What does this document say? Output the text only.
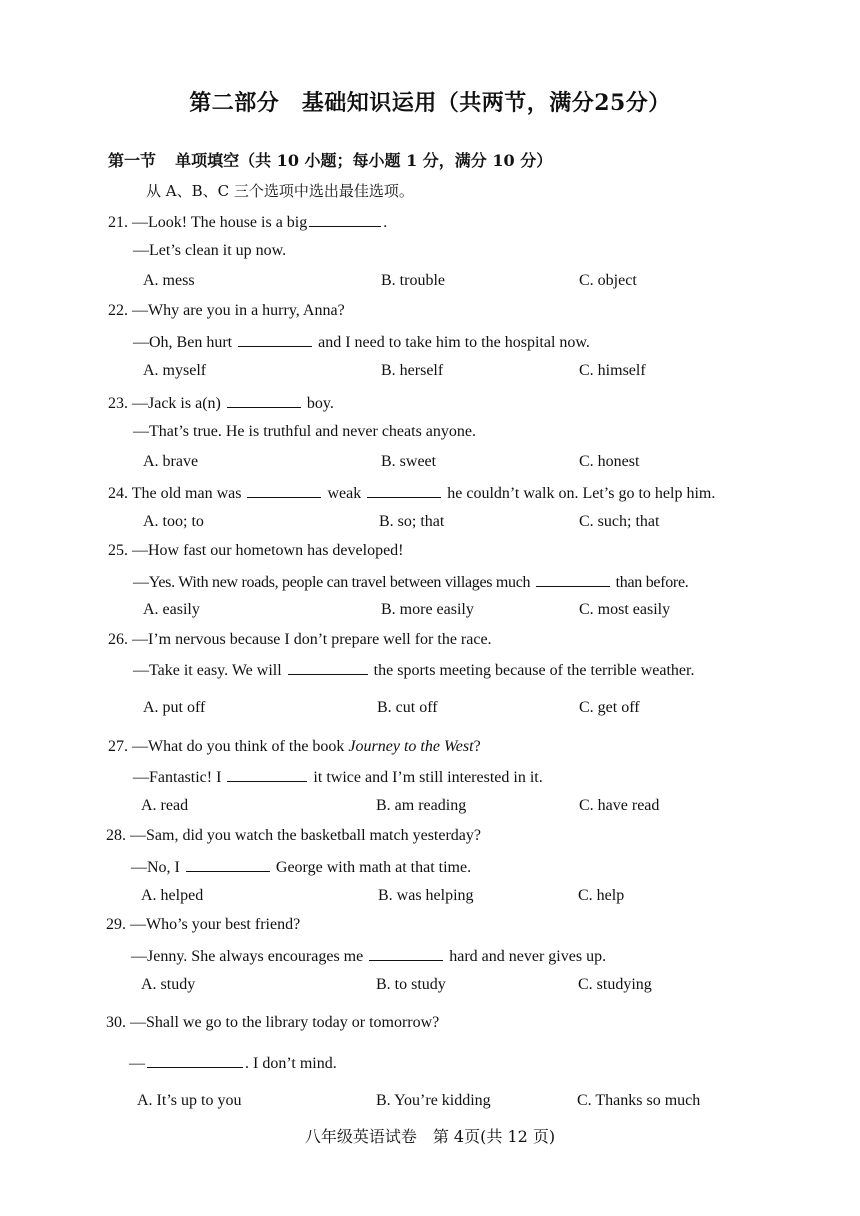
第二部分　基础知识运用（共两节，满分25分）
第一节 单项填空（共 10 小题；每小题 1 分，满分 10 分）
从 A、B、C 三个选项中选出最佳选项。
21. —Look! The house is a big	.
—Let’s clean it up now.
A. mess	B. trouble	C. object
22. —Why are you in a hurry, Anna?
—Oh, Ben hurt	and I need to take him to the hospital now.
A. myself	B. herself	C. himself
23. —Jack is a(n)	boy.
—That’s true. He is truthful and never cheats anyone.
A. brave	B. sweet	C. honest
24. The old man was	weak	he couldn’t walk on. Let’s go to help him.
A. too; to	B. so; that	C. such; that
25. —How fast our hometown has developed!
—Yes. With new roads, people can travel between villages much	than before.
A. easily	B. more easily	C. most easily
26. —I’m nervous because I don’t prepare well for the race.
—Take it easy. We will	the sports meeting because of the terrible weather.
A. put off	B. cut off	C. get off
27. —What do you think of the book Journey to the West?
—Fantastic! I	it twice and I’m still interested in it.
A. read	B. am reading	C. have read
28. —Sam, did you watch the basketball match yesterday?
—No, I	George with math at that time.
A. helped	B. was helping	C. help
29. —Who’s your best friend?
—Jenny. She always encourages me	hard and never gives up.
A. study	B. to study	C. studying
30. —Shall we go to the library today or tomorrow?
—	. I don’t mind.
A. It’s up to you	B. You’re kidding	C. Thanks so much
八年级英语试卷　第 4页(共 12 页)
